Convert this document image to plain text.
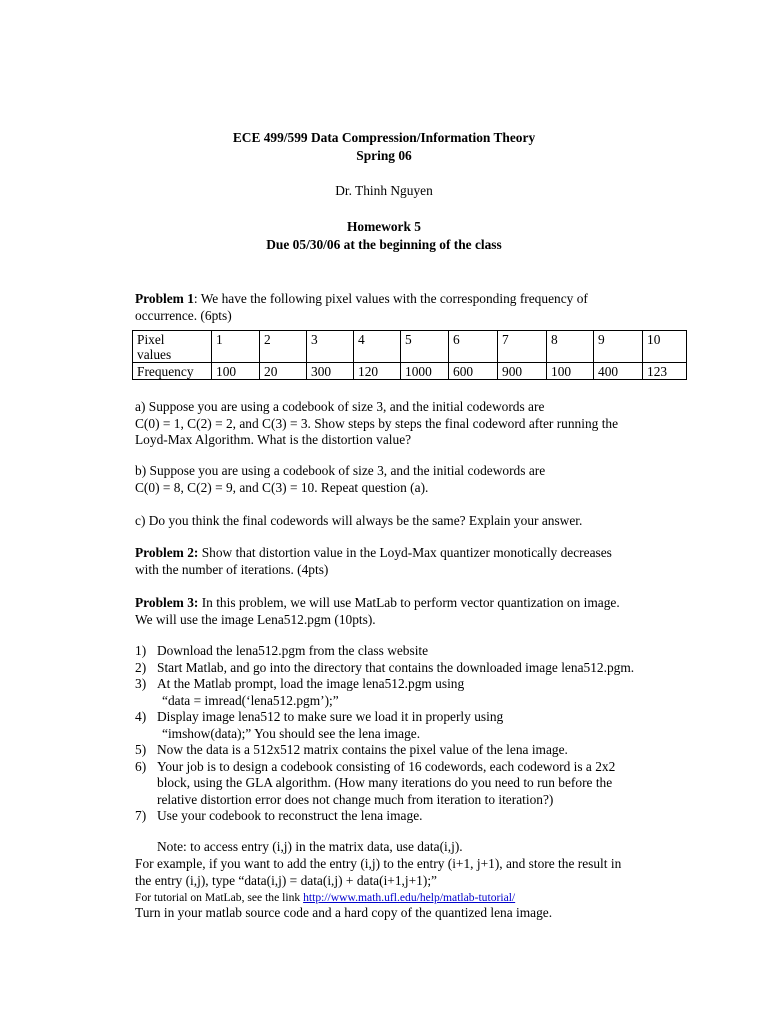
ECE 499/599 Data Compression/Information Theory
Spring 06
Dr. Thinh Nguyen
Homework 5
Due 05/30/06 at the beginning of the class

Problem 1: We have the following pixel values with the corresponding frequency of

occurrence. (6pts)

Pixel
values	1	2	3	4	5	6	7	8	9	10
Frequency	100	20	300	120	1000	600	900	100	400	123

a) Suppose you are using a codebook of size 3, and the initial codewords are

C(0) = 1, C(2) = 2, and C(3) = 3. Show steps by steps the final codeword after running the

Loyd-Max Algorithm. What is the distortion value?

b) Suppose you are using a codebook of size 3, and the initial codewords are

C(0) = 8, C(2) = 9, and C(3) = 10. Repeat question (a).

c) Do you think the final codewords will always be the same? Explain your answer.

Problem 2: Show that distortion value in the Loyd-Max quantizer monotically decreases

with the number of iterations. (4pts)

Problem 3: In this problem, we will use MatLab to perform vector quantization on image.

We will use the image Lena512.pgm (10pts).

1) Download the lena512.pgm from the class website
2) Start Matlab, and go into the directory that contains the downloaded image lena512.pgm.
3) At the Matlab prompt, load the image lena512.pgm using
“data = imread(‘lena512.pgm’);”
4) Display image lena512 to make sure we load it in properly using
“imshow(data);” You should see the lena image.
5) Now the data is a 512x512 matrix contains the pixel value of the lena image.
6) Your job is to design a codebook consisting of 16 codewords, each codeword is a 2x2
block, using the GLA algorithm. (How many iterations do you need to run before the
relative distortion error does not change much from iteration to iteration?)
7) Use your codebook to reconstruct the lena image.
Note: to access entry (i,j) in the matrix data, use data(i,j).
For example, if you want to add the entry (i,j) to the entry (i+1, j+1), and store the result in
the entry (i,j), type “data(i,j) = data(i,j) + data(i+1,j+1);”
For tutorial on MatLab, see the link http://www.math.ufl.edu/help/matlab-tutorial/
Turn in your matlab source code and a hard copy of the quantized lena image.
